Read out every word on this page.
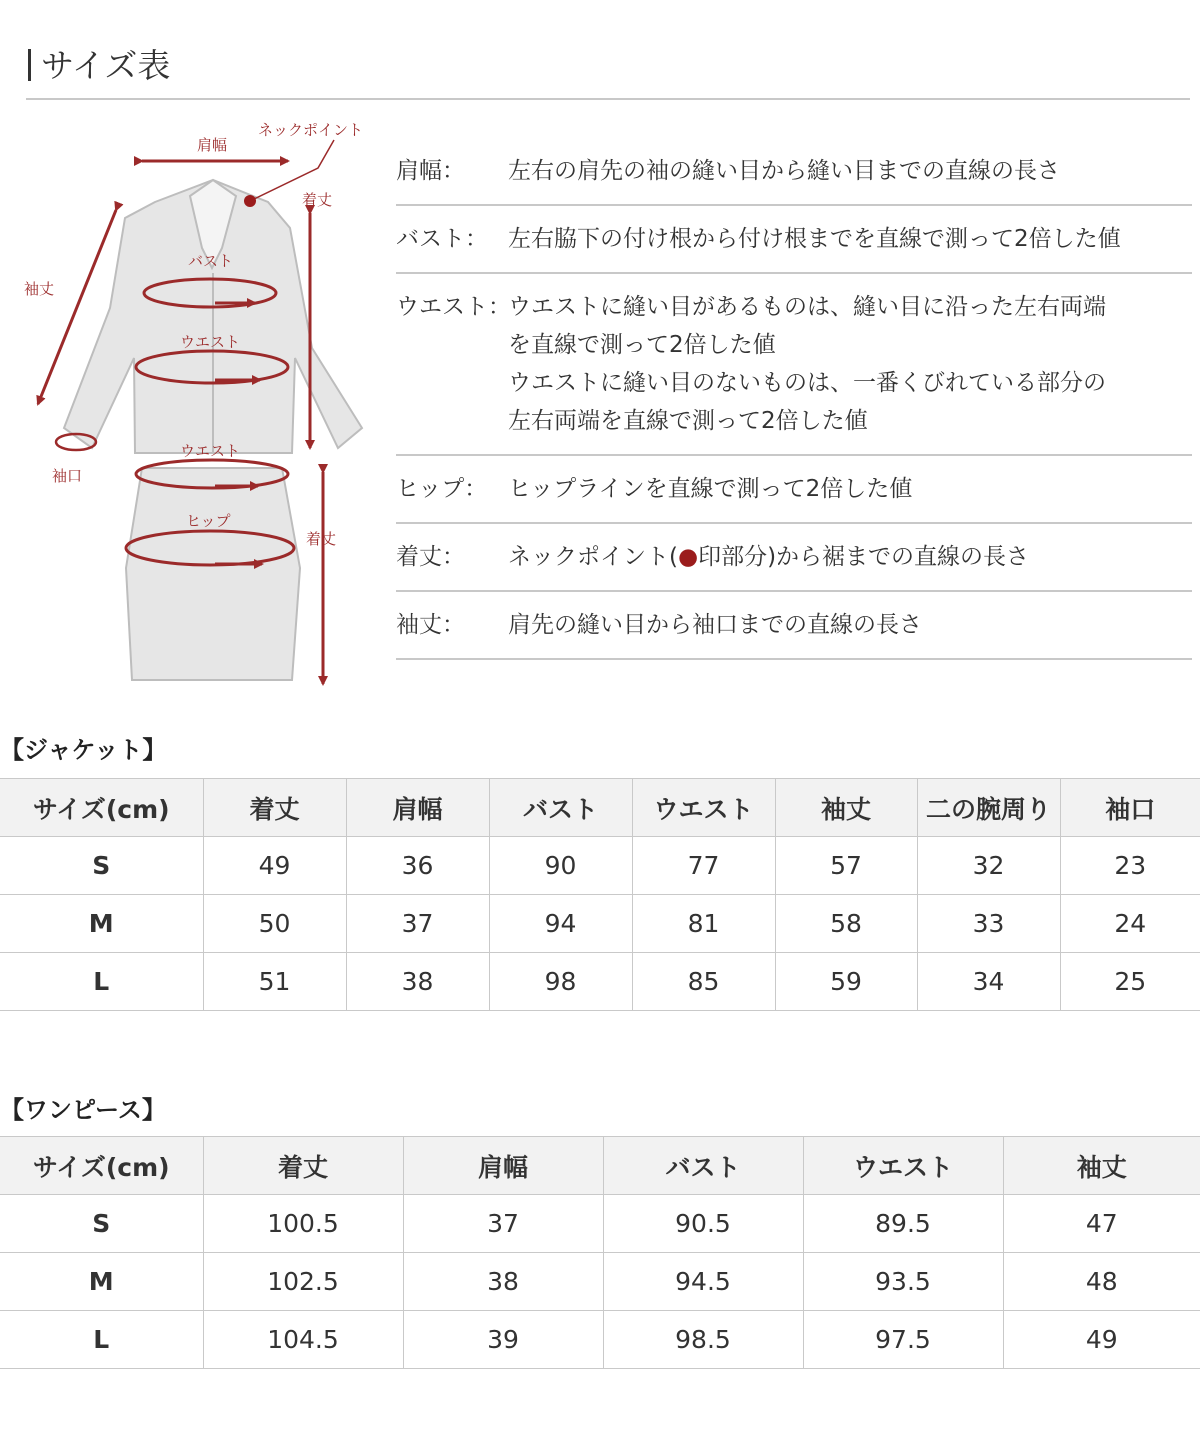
サイズ表
肩幅
ネックポイント
着丈
袖丈
バスト
ウエスト
袖口
ウエスト
ヒップ
着丈
肩幅： 左右の肩先の袖の縫い目から縫い目までの直線の長さ
バスト： 左右脇下の付け根から付け根までを直線で測って2倍した値
ウエスト：
ウエストに縫い目があるものは、縫い目に沿った左右両端
を直線で測って2倍した値
ウエストに縫い目のないものは、一番くびれている部分の
左右両端を直線で測って2倍した値
ヒップ： ヒップラインを直線で測って2倍した値
着丈： ネックポイント(●印部分)から裾までの直線の長さ
袖丈： 肩先の縫い目から袖口までの直線の長さ
【ジャケット】
サイズ(cm)	着丈	肩幅	バスト	ウエスト	袖丈	二の腕周り	袖口
S	49	36	90	77	57	32	23
M	50	37	94	81	58	33	24
L	51	38	98	85	59	34	25
【ワンピース】
サイズ(cm)	着丈	肩幅	バスト	ウエスト	袖丈
S	100.5	37	90.5	89.5	47
M	102.5	38	94.5	93.5	48
L	104.5	39	98.5	97.5	49
